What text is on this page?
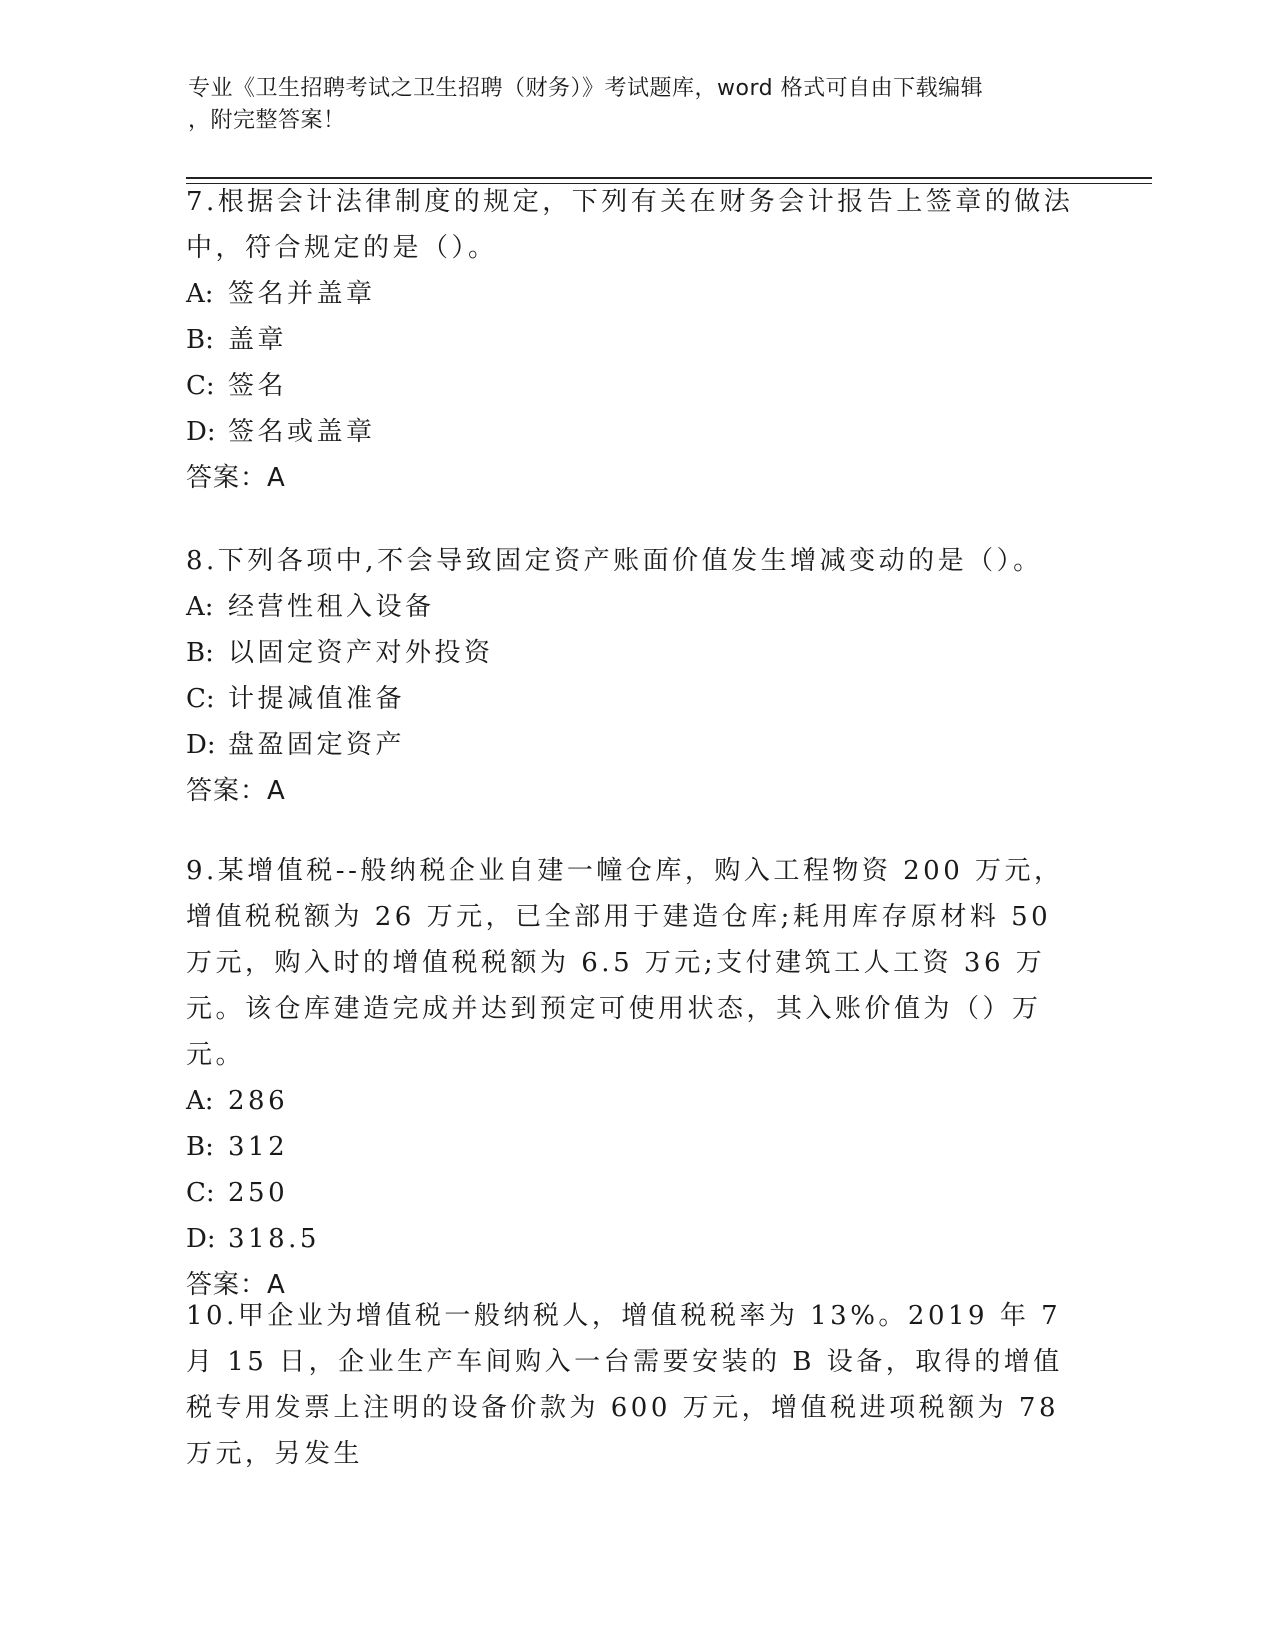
专业《卫生招聘考试之卫生招聘（财务）》考试题库，word 格式可自由下载编辑
，附完整答案！

7.根据会计法律制度的规定，下列有关在财务会计报告上签章的做法中，符合规定的是（）。

A: 签名并盖章
B: 盖章
C: 签名
D: 签名或盖章
答案：A

8.下列各项中,不会导致固定资产账面价值发生增减变动的是（）。

A: 经营性租入设备
B: 以固定资产对外投资
C: 计提减值准备
D: 盘盈固定资产
答案：A

9.某增值税--般纳税企业自建一幢仓库，购入工程物资 200 万元，增值税税额为 26 万元，已全部用于建造仓库;耗用库存原材料 50 万元，购入时的增值税税额为 6.5 万元;支付建筑工人工资 36 万元。该仓库建造完成并达到预定可使用状态，其入账价值为（）万元。

A: 286
B: 312
C: 250
D: 318.5
答案：A

10.甲企业为增值税一般纳税人，增值税税率为 13%。2019 年 7 月 15 日，企业生产车间购入一台需要安装的 B 设备，取得的增值税专用发票上注明的设备价款为 600 万元，增值税进项税额为 78 万元，另发生
